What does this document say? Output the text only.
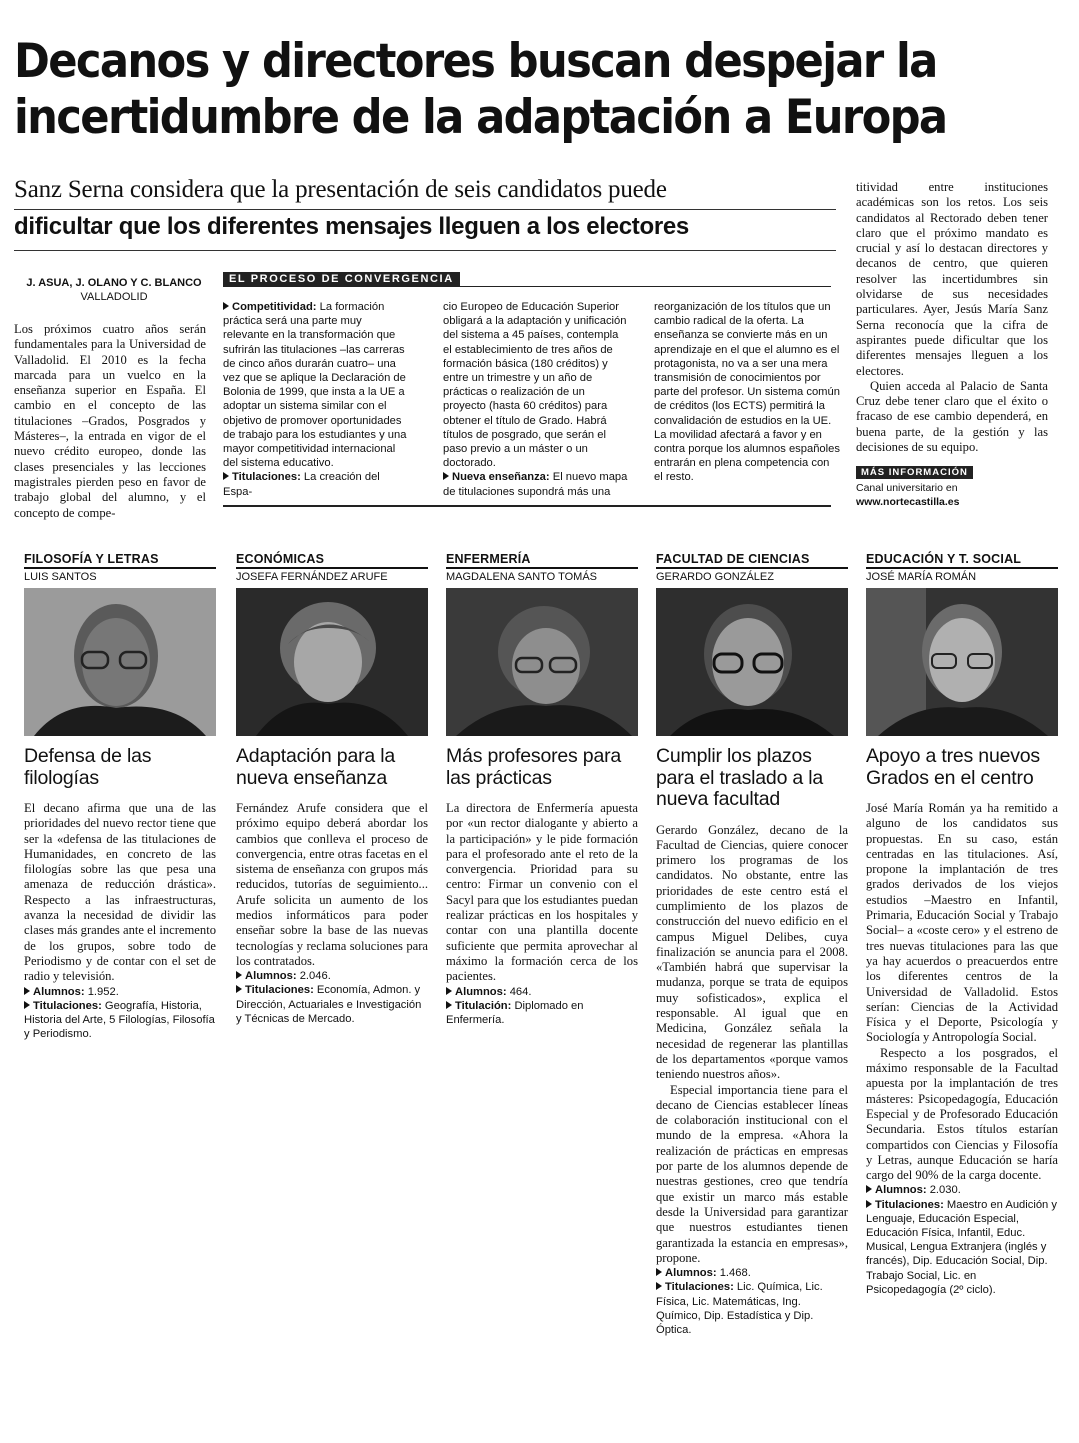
Decanos y directores buscan despejar la
incertidumbre de la adaptación a Europa
Sanz Serna considera que la presentación de seis candidatos puede
dificultar que los diferentes mensajes lleguen a los electores
J. ASUA, J. OLANO Y C. BLANCO
VALLADOLID
Los próximos cuatro años serán fundamentales para la Universidad de Valladolid. El 2010 es la fecha marcada para un vuelco en la enseñanza superior en España. El cambio en el concepto de las titulaciones –Grados, Posgrados y Másteres–, la entrada en vigor de el nuevo crédito europeo, donde las clases presenciales y las lecciones magistrales pierden peso en favor de trabajo global del alumno, y el concepto de compe-
EL PROCESO DE CONVERGENCIA
Competitividad: La formación práctica será una parte muy relevante en la transformación que sufrirán las titulaciones –las carreras de cinco años durarán cuatro– una vez que se aplique la Declaración de Bolonia de 1999, que insta a la UE a adoptar un sistema similar con el objetivo de promover oportunidades de trabajo para los estudiantes y una mayor competitividad internacional del sistema educativo.
Titulaciones: La creación del Espa-
cio Europeo de Educación Superior obligará a la adaptación y unificación del sistema a 45 países, contempla el establecimiento de tres años de formación básica (180 créditos) y entre un trimestre y un año de prácticas o realización de un proyecto (hasta 60 créditos) para obtener el título de Grado. Habrá títulos de posgrado, que serán el paso previo a un máster o un doctorado.
Nueva enseñanza: El nuevo mapa de titulaciones supondrá más una
reorganización de los títulos que un cambio radical de la oferta. La enseñanza se convierte más en un aprendizaje en el que el alumno es el protagonista, no va a ser una mera transmisión de conocimientos por parte del profesor. Un sistema común de créditos (los ECTS) permitirá la convalidación de estudios en la UE. La movilidad afectará a favor y en contra porque los alumnos españoles entrarán en plena competencia con el resto.
titividad entre instituciones académicas son los retos. Los seis candidatos al Rectorado deben tener claro que el próximo mandato es crucial y así lo destacan directores y decanos de centro, que quieren resolver las incertidumbres sin olvidarse de sus necesidades particulares. Ayer, Jesús María Sanz Serna reconocía que la cifra de aspirantes puede dificultar que los diferentes mensajes lleguen a los electores.
Quien acceda al Palacio de Santa Cruz debe tener claro que el éxito o fracaso de ese cambio dependerá, en buena parte, de la gestión y las decisiones de su equipo.
MÁS INFORMACIÓN
Canal universitario en
www.nortecastilla.es
FILOSOFÍA Y LETRAS
LUIS SANTOS
Defensa de las filologías
El decano afirma que una de las prioridades del nuevo rector tiene que ser la «defensa de las titulaciones de Humanidades, en concreto de las filologías sobre las que pesa una amenaza de reducción drástica». Respecto a las infraestructuras, avanza la necesidad de dividir las clases más grandes ante el incremento de los grupos, sobre todo de Periodismo y de contar con el set de radio y televisión.
Alumnos: 1.952.
Titulaciones: Geografía, Historia, Historia del Arte, 5 Filologías, Filosofía y Periodismo.
ECONÓMICAS
JOSEFA FERNÁNDEZ ARUFE
Adaptación para la nueva enseñanza
Fernández Arufe considera que el próximo equipo deberá abordar los cambios que conlleva el proceso de convergencia, entre otras facetas en el sistema de enseñanza con grupos más reducidos, tutorías de seguimiento... Arufe solicita un aumento de los medios informáticos para poder enseñar sobre la base de las nuevas tecnologías y reclama soluciones para los contratados.
Alumnos: 2.046.
Titulaciones: Economía, Admon. y Dirección, Actuariales e Investigación y Técnicas de Mercado.
ENFERMERÍA
MAGDALENA SANTO TOMÁS
Más profesores para las prácticas
La directora de Enfermería apuesta por «un rector dialogante y abierto a la participación» y le pide formación para el profesorado ante el reto de la convergencia. Prioridad para su centro: Firmar un convenio con el Sacyl para que los estudiantes puedan realizar prácticas en los hospitales y contar con una plantilla docente suficiente que permita aprovechar al máximo la formación cerca de los pacientes.
Alumnos: 464.
Titulación: Diplomado en Enfermería.
FACULTAD DE CIENCIAS
GERARDO GONZÁLEZ
Cumplir los plazos para el traslado a la nueva facultad
Gerardo González, decano de la Facultad de Ciencias, quiere conocer primero los programas de los candidatos. No obstante, entre las prioridades de este centro está el cumplimiento de los plazos de construcción del nuevo edificio en el campus Miguel Delibes, cuya finalización se anuncia para el 2008. «También habrá que supervisar la mudanza, porque se trata de equipos muy sofisticados», explica el responsable. Al igual que en Medicina, González señala la necesidad de regenerar las plantillas de los departamentos «porque vamos teniendo nuestros años».
Especial importancia tiene para el decano de Ciencias establecer líneas de colaboración institucional con el mundo de la empresa. «Ahora la realización de prácticas en empresas por parte de los alumnos depende de nuestras gestiones, creo que tendría que existir un marco más estable desde la Universidad para garantizar que nuestros estudiantes tienen garantizada la estancia en empresas», propone.
Alumnos: 1.468.
Titulaciones: Lic. Química, Lic. Física, Lic. Matemáticas, Ing. Químico, Dip. Estadística y Dip. Óptica.
EDUCACIÓN Y T. SOCIAL
JOSÉ MARÍA ROMÁN
Apoyo a tres nuevos Grados en el centro
José María Román ya ha remitido a alguno de los candidatos sus propuestas. En su caso, están centradas en las titulaciones. Así, propone la implantación de tres grados derivados de los viejos estudios –Maestro en Infantil, Primaria, Educación Social y Trabajo Social– a «coste cero» y el estreno de tres nuevas titulaciones para las que ya hay acuerdos o preacuerdos entre los diferentes centros de la Universidad de Valladolid. Estos serían: Ciencias de la Actividad Física y el Deporte, Psicología y Sociología y Antropología Social.
Respecto a los posgrados, el máximo responsable de la Facultad apuesta por la implantación de tres másteres: Psicopedagogía, Educación Especial y de Profesorado Educación Secundaria. Estos títulos estarían compartidos con Ciencias y Filosofía y Letras, aunque Educación se haría cargo del 90% de la carga docente.
Alumnos: 2.030.
Titulaciones: Maestro en Audición y Lenguaje, Educación Especial, Educación Física, Infantil, Educ. Musical, Lengua Extranjera (inglés y francés), Dip. Educación Social, Dip. Trabajo Social, Lic. en Psicopedagogía (2º ciclo).
